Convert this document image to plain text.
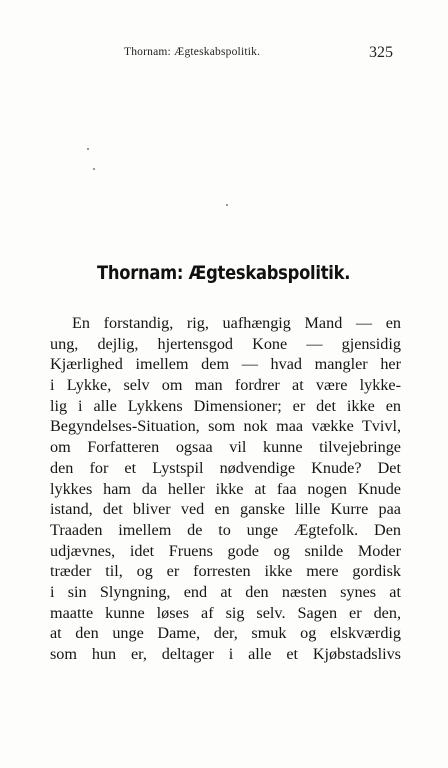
Thornam: Ægteskabspolitik.	325
Thornam: Ægteskabspolitik.
En forstandig, rig, uafhængig Mand — en
ung, dejlig, hjertensgod Kone — gjensidig
Kjærlighed imellem dem — hvad mangler her
i Lykke, selv om man fordrer at være lykke-
lig i alle Lykkens Dimensioner; er det ikke en
Begyndelses-Situation, som nok maa vække Tvivl,
om Forfatteren ogsaa vil kunne tilvejebringe
den for et Lystspil nødvendige Knude? Det
lykkes ham da heller ikke at faa nogen Knude
istand, det bliver ved en ganske lille Kurre paa
Traaden imellem de to unge Ægtefolk. Den
udjævnes, idet Fruens gode og snilde Moder
træder til, og er forresten ikke mere gordisk
i sin Slyngning, end at den næsten synes at
maatte kunne løses af sig selv. Sagen er den,
at den unge Dame, der, smuk og elskværdig
som hun er, deltager i alle et Kjøbstadslivs
